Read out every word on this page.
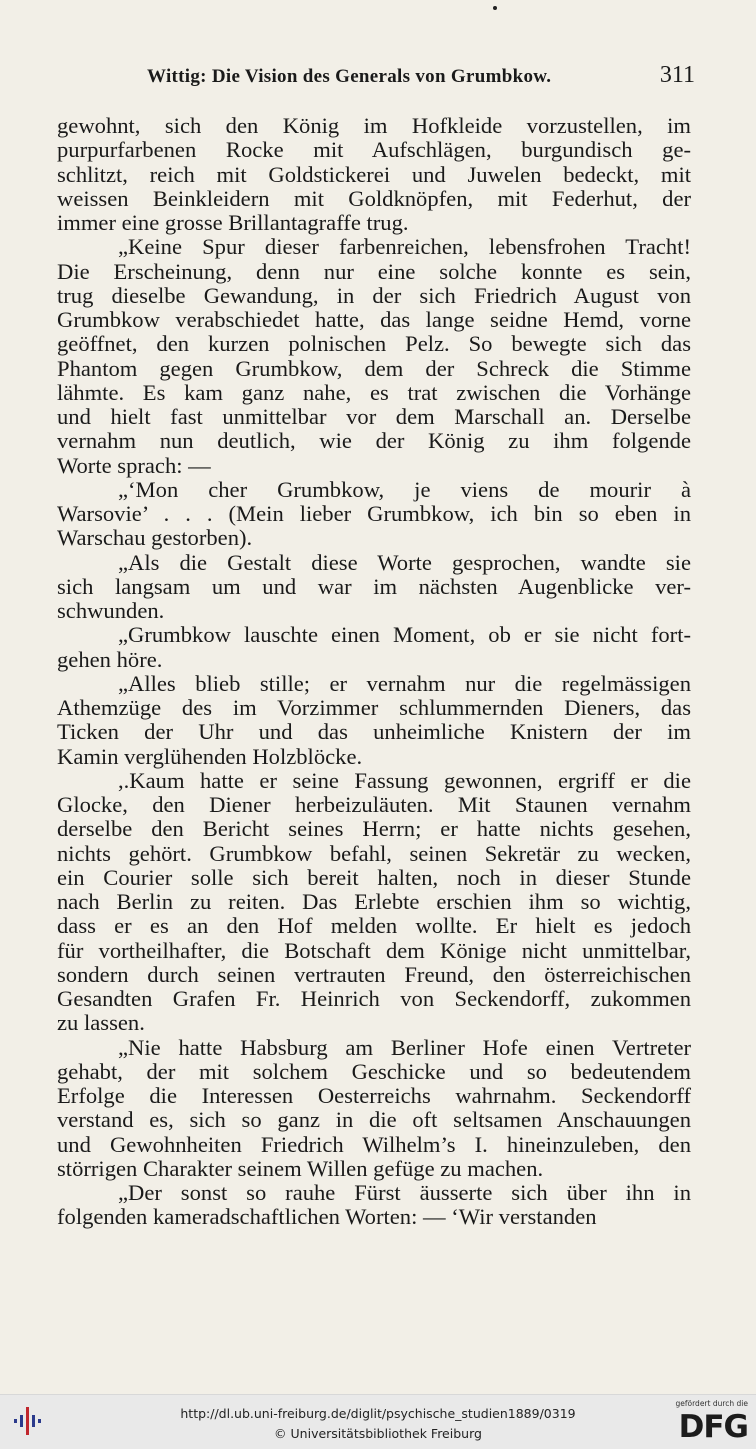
Wittig: Die Vision des Generals von Grumbkow.	311

gewohnt, sich den König im Hofkleide vorzustellen, im
purpurfarbenen Rocke mit Aufschlägen, burgundisch ge-
schlitzt, reich mit Goldstickerei und Juwelen bedeckt, mit
weissen Beinkleidern mit Goldknöpfen, mit Federhut, der
immer eine grosse Brillantagraffe trug.

„Keine Spur dieser farbenreichen, lebensfrohen Tracht!
Die Erscheinung, denn nur eine solche konnte es sein,
trug dieselbe Gewandung, in der sich Friedrich August von
Grumbkow verabschiedet hatte, das lange seidne Hemd, vorne
geöffnet, den kurzen polnischen Pelz. So bewegte sich das
Phantom gegen Grumbkow, dem der Schreck die Stimme
lähmte. Es kam ganz nahe, es trat zwischen die Vorhänge
und hielt fast unmittelbar vor dem Marschall an. Derselbe
vernahm nun deutlich, wie der König zu ihm folgende
Worte sprach: —

„‘Mon cher Grumbkow, je viens de mourir à
Warsovie’ . . . (Mein lieber Grumbkow, ich bin so eben in
Warschau gestorben).

„Als die Gestalt diese Worte gesprochen, wandte sie
sich langsam um und war im nächsten Augenblicke ver-
schwunden.

„Grumbkow lauschte einen Moment, ob er sie nicht fort-
gehen höre.

„Alles blieb stille; er vernahm nur die regelmässigen
Athemzüge des im Vorzimmer schlummernden Dieners, das
Ticken der Uhr und das unheimliche Knistern der im
Kamin verglühenden Holzblöcke.

,.Kaum hatte er seine Fassung gewonnen, ergriff er die
Glocke, den Diener herbeizuläuten. Mit Staunen vernahm
derselbe den Bericht seines Herrn; er hatte nichts gesehen,
nichts gehört. Grumbkow befahl, seinen Sekretär zu wecken,
ein Courier solle sich bereit halten, noch in dieser Stunde
nach Berlin zu reiten. Das Erlebte erschien ihm so wichtig,
dass er es an den Hof melden wollte. Er hielt es jedoch
für vortheilhafter, die Botschaft dem Könige nicht unmittelbar,
sondern durch seinen vertrauten Freund, den österreichischen
Gesandten Grafen Fr. Heinrich von Seckendorff, zukommen
zu lassen.

„Nie hatte Habsburg am Berliner Hofe einen Vertreter
gehabt, der mit solchem Geschicke und so bedeutendem
Erfolge die Interessen Oesterreichs wahrnahm. Seckendorff
verstand es, sich so ganz in die oft seltsamen Anschauungen
und Gewohnheiten Friedrich Wilhelm’s I. hineinzuleben, den
störrigen Charakter seinem Willen gefüge zu machen.

„Der sonst so rauhe Fürst äusserte sich über ihn in
folgenden kameradschaftlichen Worten: — ‘Wir verstanden

http://dl.ub.uni-freiburg.de/diglit/psychische_studien1889/0319
© Universitätsbibliothek Freiburg
gefördert durch die
DFG
